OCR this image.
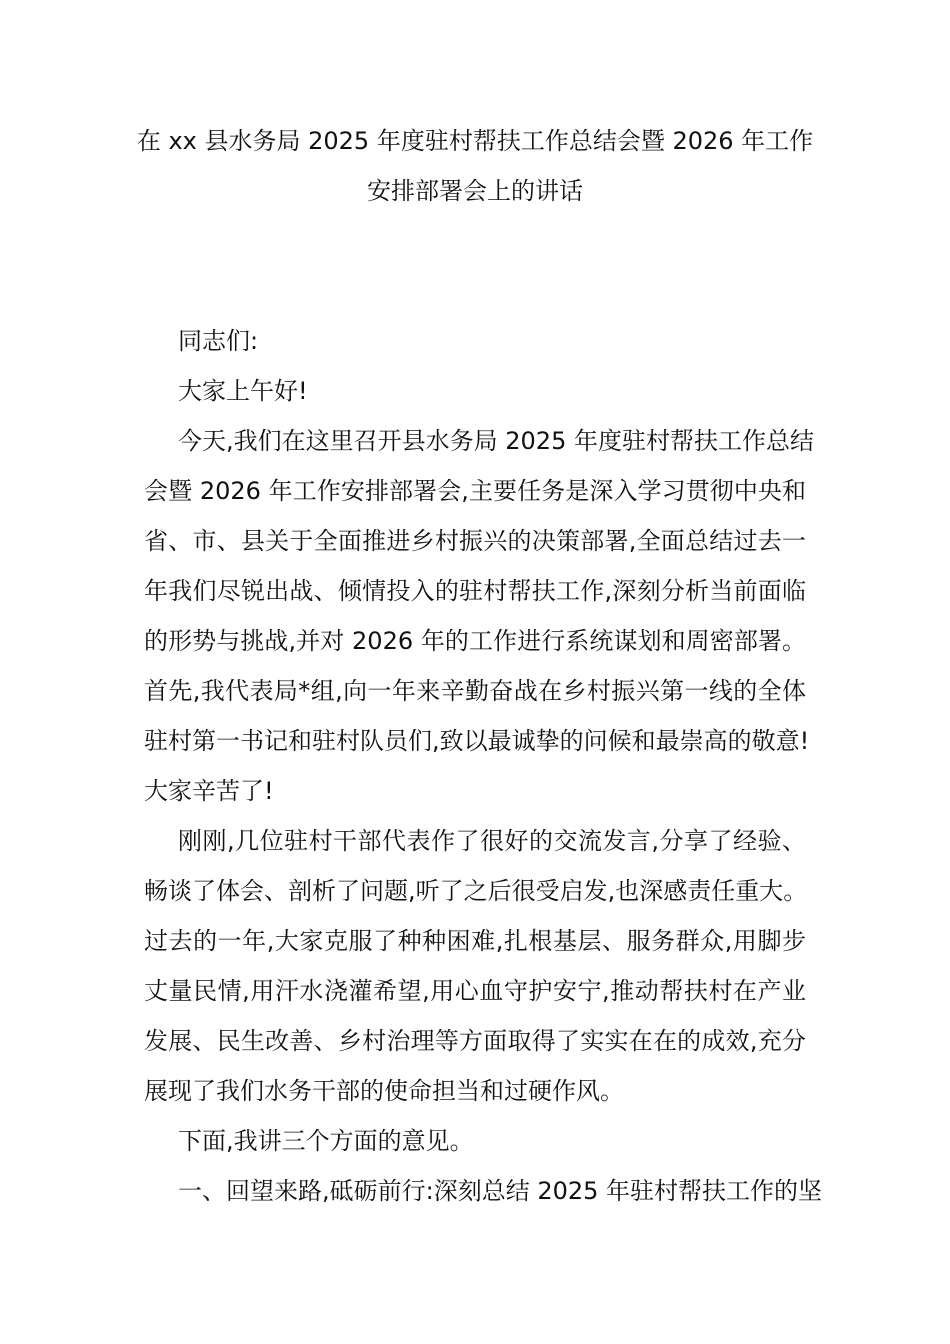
在 xx 县水务局 2025 年度驻村帮扶工作总结会暨 2026 年工作
安排部署会上的讲话
同志们:
大家上午好!
今天,我们在这里召开县水务局 2025 年度驻村帮扶工作总结
会暨 2026 年工作安排部署会,主要任务是深入学习贯彻中央和
省、市、县关于全面推进乡村振兴的决策部署,全面总结过去一
年我们尽锐出战、倾情投入的驻村帮扶工作,深刻分析当前面临
的形势与挑战,并对 2026 年的工作进行系统谋划和周密部署。
首先,我代表局*组,向一年来辛勤奋战在乡村振兴第一线的全体
驻村第一书记和驻村队员们,致以最诚挚的问候和最崇高的敬意!
大家辛苦了!
刚刚,几位驻村干部代表作了很好的交流发言,分享了经验、
畅谈了体会、剖析了问题,听了之后很受启发,也深感责任重大。
过去的一年,大家克服了种种困难,扎根基层、服务群众,用脚步
丈量民情,用汗水浇灌希望,用心血守护安宁,推动帮扶村在产业
发展、民生改善、乡村治理等方面取得了实实在在的成效,充分
展现了我们水务干部的使命担当和过硬作风。
下面,我讲三个方面的意见。
一、回望来路,砥砺前行:深刻总结 2025 年驻村帮扶工作的坚
